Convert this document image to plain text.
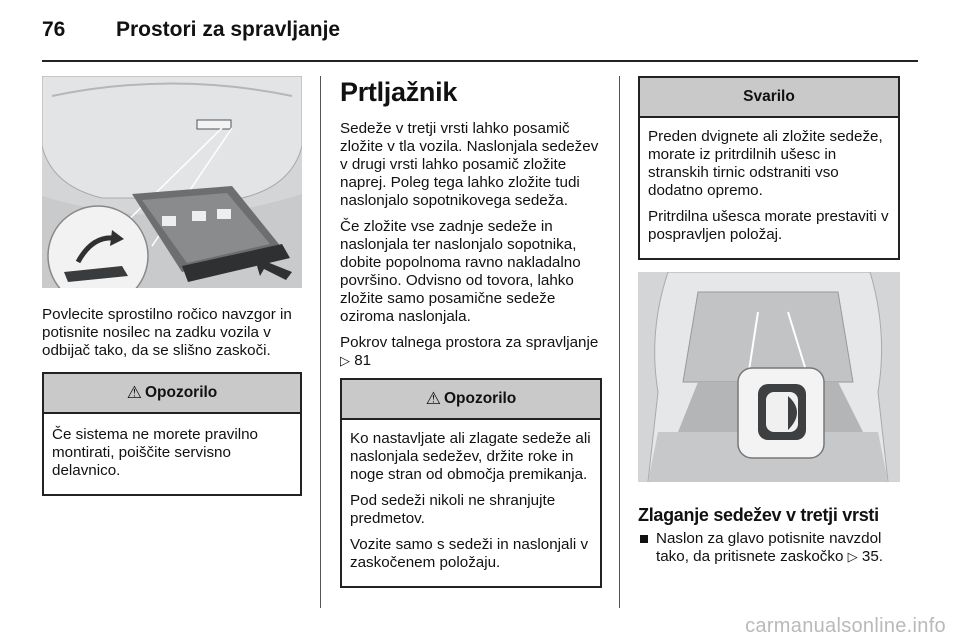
76 Prostori za spravljanje

Povlecite sprostilno ročico navzgor in potisnite nosilec na zadku vozila v odbijač tako, da se slišno zaskoči.

⚠ Opozorilo

Če sistema ne morete pravilno montirati, poiščite servisno delavnico.

Prtljažnik

Sedeže v tretji vrsti lahko posamič zložite v tla vozila. Naslonjala sedežev v drugi vrsti lahko posamič zložite naprej. Poleg tega lahko zložite tudi naslonjalo sopotnikovega sedeža.

Če zložite vse zadnje sedeže in naslonjala ter naslonjalo sopotnika, dobite popolnoma ravno nakladalno površino. Odvisno od tovora, lahko zložite samo posamične sedeže oziroma naslonjala.

Pokrov talnega prostora za spravljanje ▷ 81

⚠ Opozorilo

Ko nastavljate ali zlagate sedeže ali naslonjala sedežev, držite roke in noge stran od območja premikanja.

Pod sedeži nikoli ne shranjujte predmetov.

Vozite samo s sedeži in naslonjali v zaskočenem položaju.

Svarilo

Preden dvignete ali zložite sedeže, morate iz pritrdilnih ušesc in stranskih tirnic odstraniti vso dodatno opremo.

Pritrdilna ušesca morate prestaviti v pospravljen položaj.

Zlaganje sedežev v tretji vrsti
Naslon za glavo potisnite navzdol tako, da pritisnete zaskočko ▷ 35.
carmanualsonline.info
